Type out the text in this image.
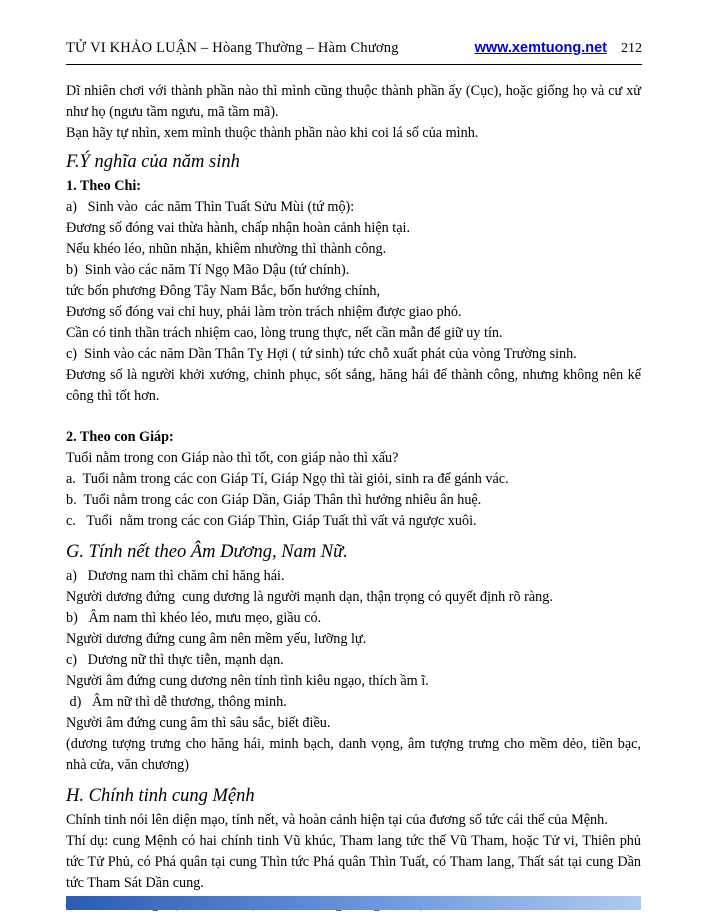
TỬ VI KHẢO LUẬN – Hòang Thường – Hàm Chương	www.xemtuong.net 212

Dĩ nhiên chơi với thành phần nào thì mình cũng thuộc thành phần ấy (Cục), hoặc giống họ và cư xử như họ (ngưu tầm ngưu, mã tầm mã).

Bạn hãy tự nhìn, xem mình thuộc thành phần nào khi coi lá số của mình.

F.Ý nghĩa của năm sinh
1. Theo Chi:
a)   Sinh vào  các năm Thìn Tuất Sửu Mùi (tứ mộ):
Đương số đóng vai thừa hành, chấp nhận hoàn cảnh hiện tại.
Nếu khéo léo, nhũn nhặn, khiêm nhường thì thành công.
b)  Sinh vào các năm Tí Ngọ Mão Dậu (tứ chính).
tức bốn phương Đông Tây Nam Bắc, bốn hướng chính,
Đương số đóng vai chỉ huy, phải làm tròn trách nhiệm được giao phó.
Cần có tinh thần trách nhiệm cao, lòng trung thực, nết cần mẫn để giữ uy tín.
c)  Sinh vào các năm Dần Thân Tỵ Hợi ( tứ sinh) tức chỗ xuất phát của vòng Trường sinh.

Đương số là người khởi xướng, chinh phục, sốt sắng, hăng hái để thành công, nhưng không nên kể công thì tốt hơn.

2. Theo con Giáp:
Tuổi nằm trong con Giáp nào thì tốt, con giáp nào thì xấu?
a.  Tuổi nằm trong các con Giáp Tí, Giáp Ngọ thì tài giỏi, sinh ra để gánh vác.
b.  Tuổi nằm trong các con Giáp Dần, Giáp Thân thì hưởng nhiêu ân huệ.
c.   Tuổi  nằm trong các con Giáp Thìn, Giáp Tuất thì vất vả ngược xuôi.
G. Tính nết theo Âm Dương, Nam Nữ.
a)   Dương nam thì chăm chỉ hăng hái.
Người dương đứng  cung dương là người mạnh dạn, thận trọng có quyết định rõ ràng.
b)   Âm nam thì khéo léo, mưu mẹo, giầu có.
Người dương đứng cung âm nên mềm yếu, lưỡng lự.
c)   Dương nữ thì thực tiễn, mạnh dạn.
Người âm đứng cung dương nên tính tình kiêu ngạo, thích ầm ĩ.
d)   Âm nữ thì dễ thương, thông minh.
Người âm đứng cung âm thì sâu sắc, biết điều.

(dương tượng trưng cho hăng hái, minh bạch, danh vọng, âm tượng trưng cho mềm dẻo, tiền bạc, nhà cửa, văn chương)

H. Chính tinh cung Mệnh
Chính tinh nói lên diện mạo, tính nết, và hoàn cảnh hiện tại của đương số tức cái thế của Mệnh.

Thí dụ: cung Mệnh có hai chính tinh Vũ khúc, Tham lang tức thế Vũ Tham, hoặc Tử vi, Thiên phủ tức Tử Phủ, có Phá quân tại cung Thìn tức Phá quân Thìn Tuất, có Tham lang, Thất sát tại cung Dần tức Tham Sát Dần cung.
